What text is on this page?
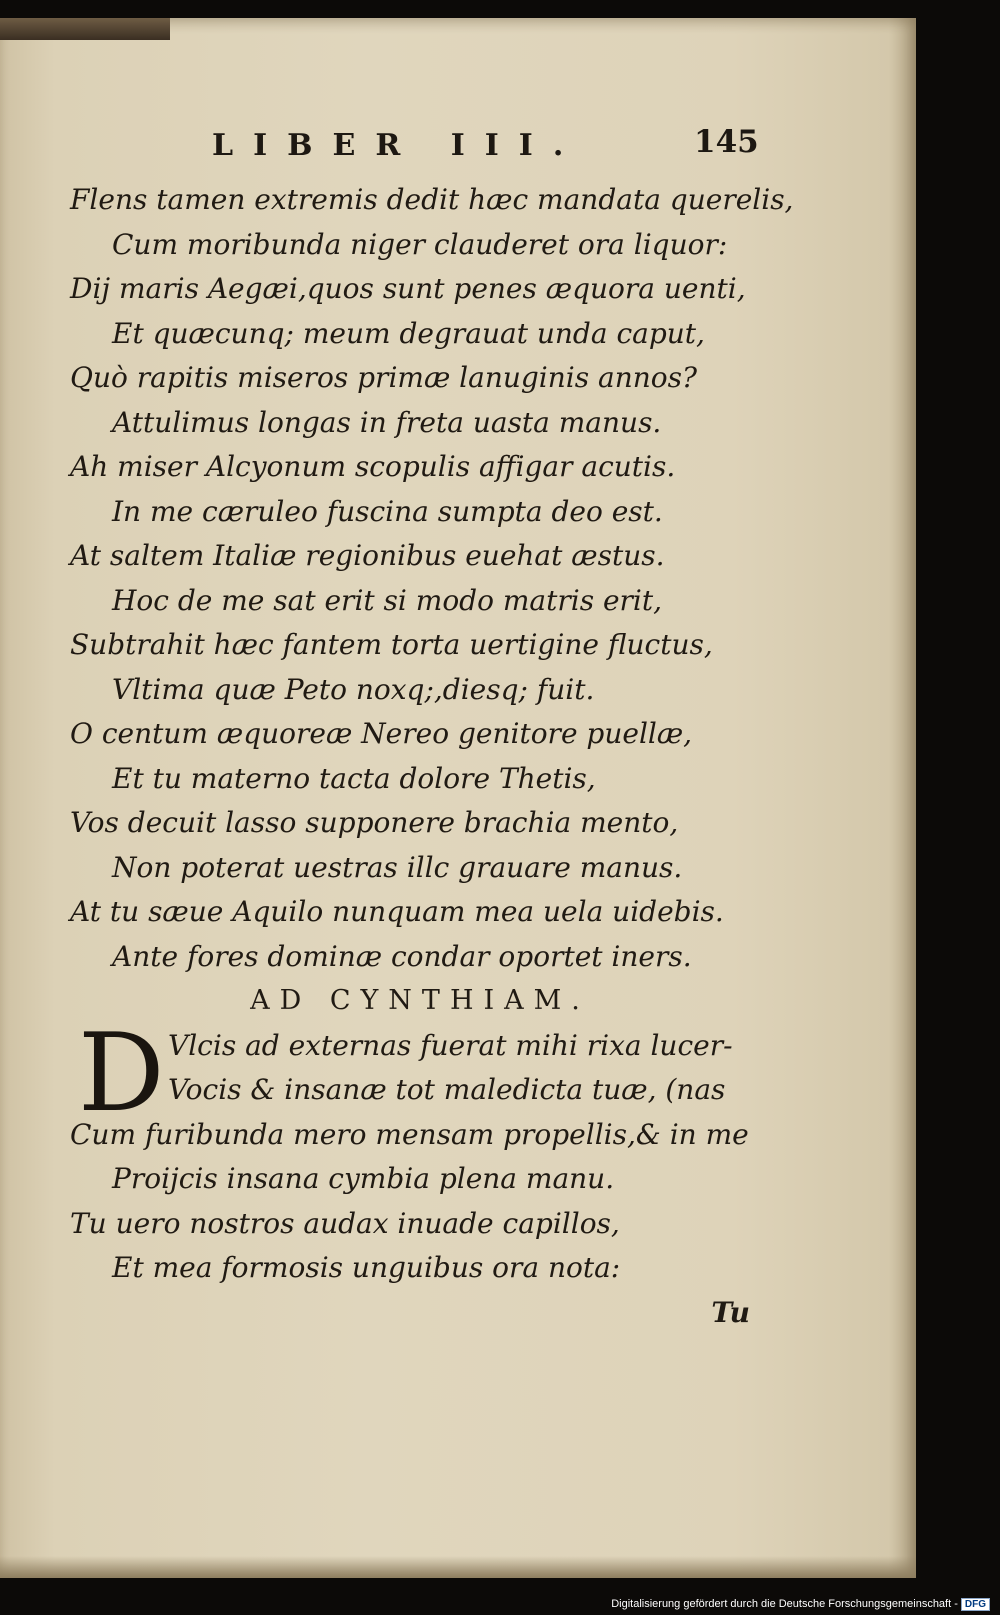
LIBER III.	145
Flens tamen extremis dedit hæc mandata querelis,
Cum moribunda niger clauderet ora liquor:
Dij maris Aegæi,quos sunt penes æquora uenti,
Et quæcunq; meum degrauat unda caput,
Quò rapitis miseros primæ lanuginis annos?
Attulimus longas in freta uasta manus.
Ah miser Alcyonum scopulis affigar acutis.
In me cæruleo fuscina sumpta deo est.
At saltem Italiæ regionibus euehat æstus.
Hoc de me sat erit si modo matris erit,
Subtrahit hæc fantem torta uertigine fluctus,
Vltima quæ Peto noxq;,diesq; fuit.
O centum æquoreæ Nereo genitore puellæ,
Et tu materno tacta dolore Thetis,
Vos decuit lasso supponere brachia mento,
Non poterat uestras illc grauare manus.
At tu sæue Aquilo nunquam mea uela uidebis.
Ante fores dominæ condar oportet iners.
AD CYNTHIAM.
D Vlcis ad externas fuerat mihi rixa lucer-
Vocis & insanæ tot maledicta tuæ, (nas
Cum furibunda mero mensam propellis,& in me
Proijcis insana cymbia plena manu.
Tu uero nostros audax inuade capillos,
Et mea formosis unguibus ora nota:
Tu
Digitalisierung gefördert durch die Deutsche Forschungsgemeinschaft - DFG
